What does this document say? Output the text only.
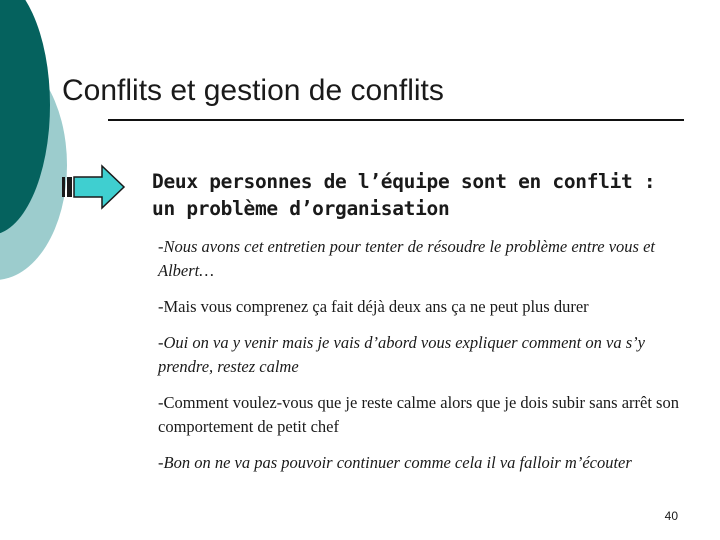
Conflits et gestion de conflits
Deux personnes de l’équipe sont en conflit : un problème d’organisation
-Nous avons cet entretien pour tenter de résoudre le problème entre vous et Albert…
-Mais vous comprenez ça fait déjà deux ans ça ne peut plus durer
-Oui on va y venir mais je vais d’abord vous expliquer comment on va s’y prendre, restez calme
-Comment voulez-vous que je reste calme alors que je dois subir sans arrêt son comportement de petit chef
-Bon on ne va pas pouvoir continuer comme cela il va falloir m’écouter
40
